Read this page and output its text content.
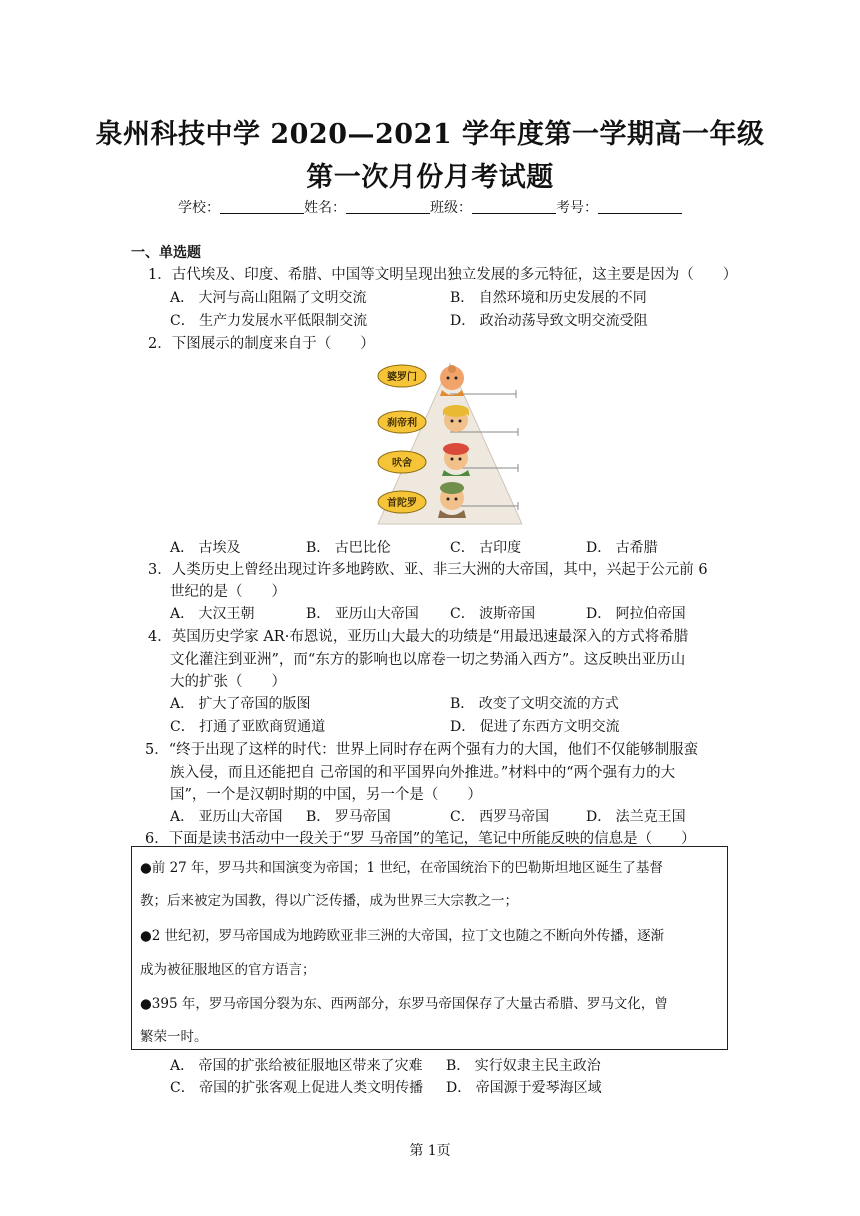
泉州科技中学 2020—2021 学年度第一学期高一年级
第一次月份月考试题
学校：	姓名：	班级：	考号：
一、单选题
1．古代埃及、印度、希腊、中国等文明呈现出独立发展的多元特征，这主要是因为（　　）
A． 大河与高山阻隔了文明交流	B． 自然环境和历史发展的不同
C． 生产力发展水平低限制交流	D． 政治动荡导致文明交流受阻
2．下图展示的制度来自于（　　）
婆罗门
刹帝利
吠舍
首陀罗
A． 古埃及	B． 古巴比伦	C． 古印度	D． 古希腊
3．人类历史上曾经出现过许多地跨欧、亚、非三大洲的大帝国，其中，兴起于公元前 6
世纪的是（　　）
A． 大汉王朝	B． 亚历山大帝国 C． 波斯帝国	D． 阿拉伯帝国
4．英国历史学家 AR·布恩说，亚历山大最大的功绩是“用最迅速最深入的方式将希腊
文化灌注到亚洲”，而“东方的影响也以席卷一切之势涌入西方”。这反映出亚历山
大的扩张（　　）
A． 扩大了帝国的版图	B． 改变了文明交流的方式
C． 打通了亚欧商贸通道	D． 促进了东西方文明交流
5．“终于出现了这样的时代：世界上同时存在两个强有力的大国，他们不仅能够制服蛮
族入侵，而且还能把自 己帝国的和平国界向外推进。”材料中的“两个强有力的大
国”，一个是汉朝时期的中国，另一个是（　　）
A． 亚历山大帝国 B． 罗马帝国	C． 西罗马帝国	D． 法兰克王国
6．下面是读书活动中一段关于“罗 马帝国”的笔记，笔记中所能反映的信息是（　　）
●前 27 年，罗马共和国演变为帝国；1 世纪，在帝国统治下的巴勒斯坦地区诞生了基督
教；后来被定为国教，得以广泛传播，成为世界三大宗教之一；
●2 世纪初，罗马帝国成为地跨欧亚非三洲的大帝国，拉丁文也随之不断向外传播，逐渐
成为被征服地区的官方语言；
●395 年，罗马帝国分裂为东、西两部分，东罗马帝国保存了大量古希腊、罗马文化，曾
繁荣一时。
A． 帝国的扩张给被征服地区带来了灾难 B． 实行奴隶主民主政治
C． 帝国的扩张客观上促进人类文明传播 D． 帝国源于爱琴海区域
第 1页
